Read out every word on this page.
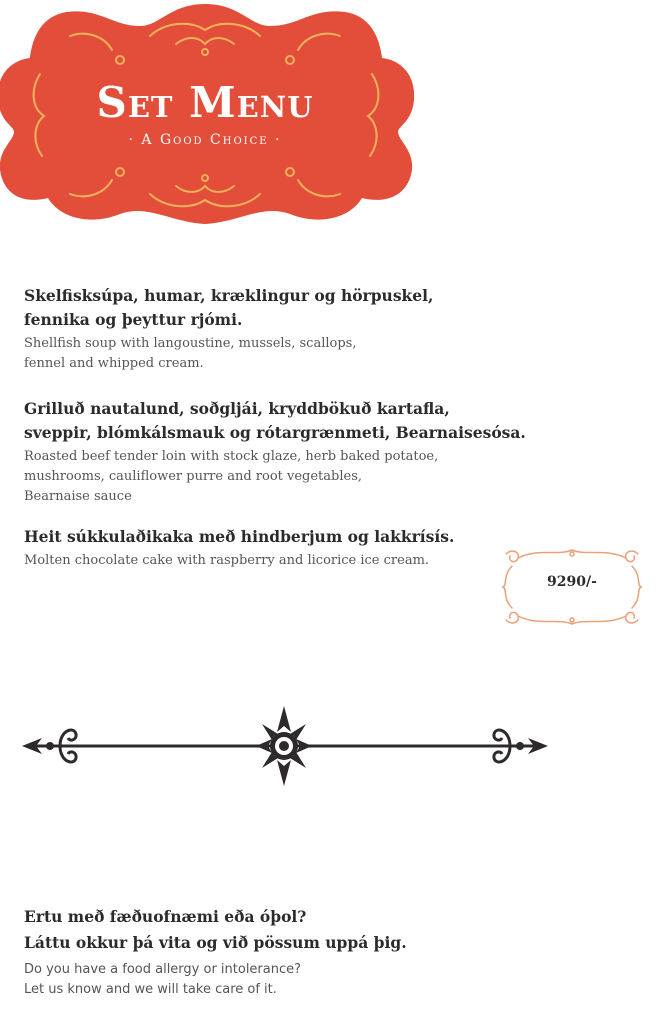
Set Menu
· A Good Choice ·

Skelfisksúpa, humar, kræklingur og hörpuskel,
fennika og þeyttur rjómi.

Shellfish soup with langoustine, mussels, scallops,
fennel and whipped cream.

Grilluð nautalund, soðgljái, kryddbökuð kartafla,
sveppir, blómkálsmauk og rótargrænmeti, Bearnaisesósa.

Roasted beef tender loin with stock glaze, herb baked potatoe,
mushrooms, cauliflower purre and root vegetables,
Bearnaise sauce

Heit súkkulaðikaka með hindberjum og lakkrísís.

Molten chocolate cake with raspberry and licorice ice cream.

9290/-

Ertu með fæðuofnæmi eða óþol?
Láttu okkur þá vita og við pössum uppá þig.

Do you have a food allergy or intolerance?
Let us know and we will take care of it.
